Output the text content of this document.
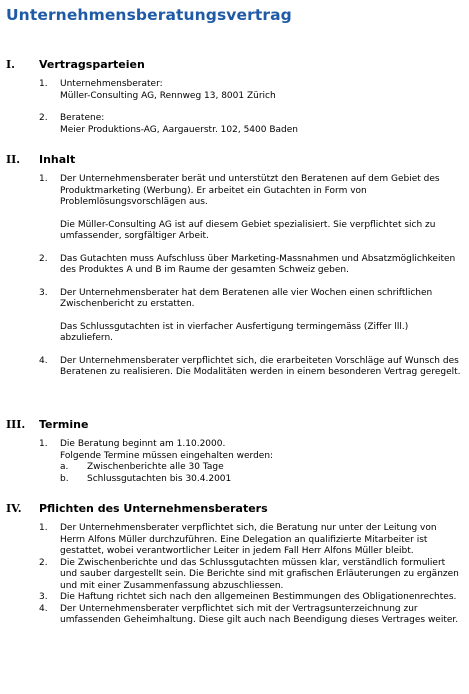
Unternehmensberatungsvertrag
I. Vertragsparteien
1. Unternehmensberater:

Müller-Consulting AG, Rennweg 13, 8001 Zürich

2. Beratene:

Meier Produktions-AG, Aargauerstr. 102, 5400 Baden

II. Inhalt
1. Der Unternehmensberater berät und unterstützt den Beratenen auf dem Gebiet des Produktmarketing (Werbung). Er arbeitet ein Gutachten in Form von Problemlösungsvorschlägen aus.

Die Müller-Consulting AG ist auf diesem Gebiet spezialisiert. Sie verpflichtet sich zu umfassender, sorgfältiger Arbeit.

2. Das Gutachten muss Aufschluss über Marketing-Massnahmen und Absatzmöglichkeiten des Produktes A und B im Raume der gesamten Schweiz geben.

3. Der Unternehmensberater hat dem Beratenen alle vier Wochen einen schriftlichen Zwischenbericht zu erstatten.

Das Schlussgutachten ist in vierfacher Ausfertigung termingemäss (Ziffer lll.) abzuliefern.

4. Der Unternehmensberater verpflichtet sich, die erarbeiteten Vorschläge auf Wunsch des Beratenen zu realisieren. Die Modalitäten werden in einem besonderen Vertrag geregelt.

III. Termine
1. Die Beratung beginnt am 1.10.2000.

Folgende Termine müssen eingehalten werden:

a. Zwischenberichte alle 30 Tage
b. Schlussgutachten bis 30.4.2001
IV. Pflichten des Unternehmensberaters
1. Der Unternehmensberater verpflichtet sich, die Beratung nur unter der Leitung von Herrn Alfons Müller durchzuführen. Eine Delegation an qualifizierte Mitarbeiter ist gestattet, wobei verantwortlicher Leiter in jedem Fall Herr Alfons Müller bleibt.

2. Die Zwischenberichte und das Schlussgutachten müssen klar, verständlich formuliert und sauber dargestellt sein. Die Berichte sind mit grafischen Erläuterungen zu ergänzen und mit einer Zusammenfassung abzuschliessen.

3. Die Haftung richtet sich nach den allgemeinen Bestimmungen des Obligationenrechtes.

4. Der Unternehmensberater verpflichtet sich mit der Vertragsunterzeichnung zur umfassenden Geheimhaltung. Diese gilt auch nach Beendigung dieses Vertrages weiter.
